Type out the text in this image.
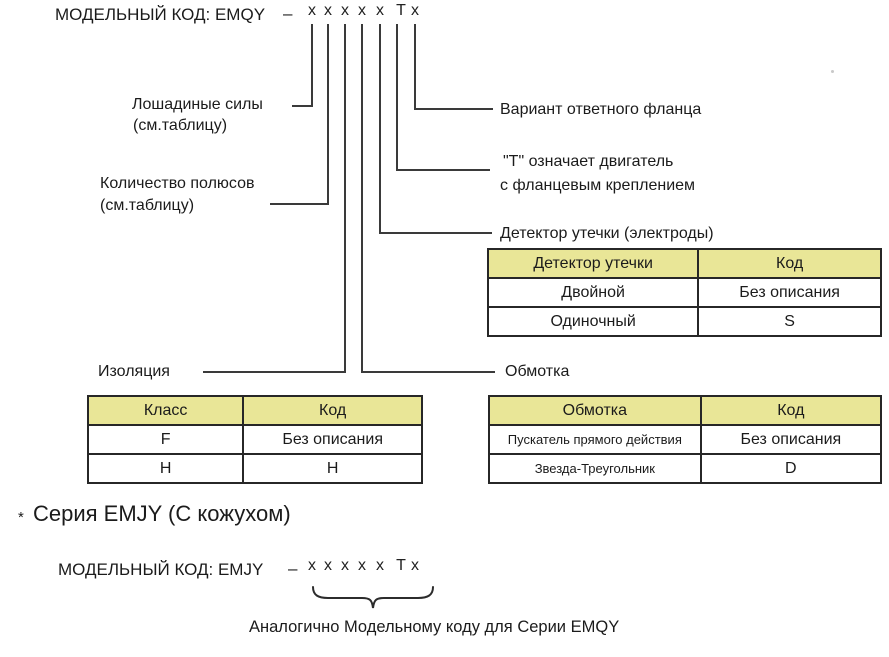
МОДЕЛЬНЫЙ КОД: EMQY – x x x x x T x
Лошадиные силы
(см.таблицу)
Количество полюсов
(см.таблицу)
Изоляция
Вариант ответного фланца
"Т" означает двигатель
с фланцевым креплением
Детектор утечки (электроды)
Обмотка
Детектор утечки	Код
Двойной	Без описания
Одиночный	S
Класс	Код
F	Без описания
H	H
Обмотка	Код
Пускатель прямого действия	Без описания
Звезда-Треугольник	D
* Серия EMJY (С кожухом)
МОДЕЛЬНЫЙ КОД: EMJY – x x x x x T x
Аналогично Модельному коду для Серии EMQY
